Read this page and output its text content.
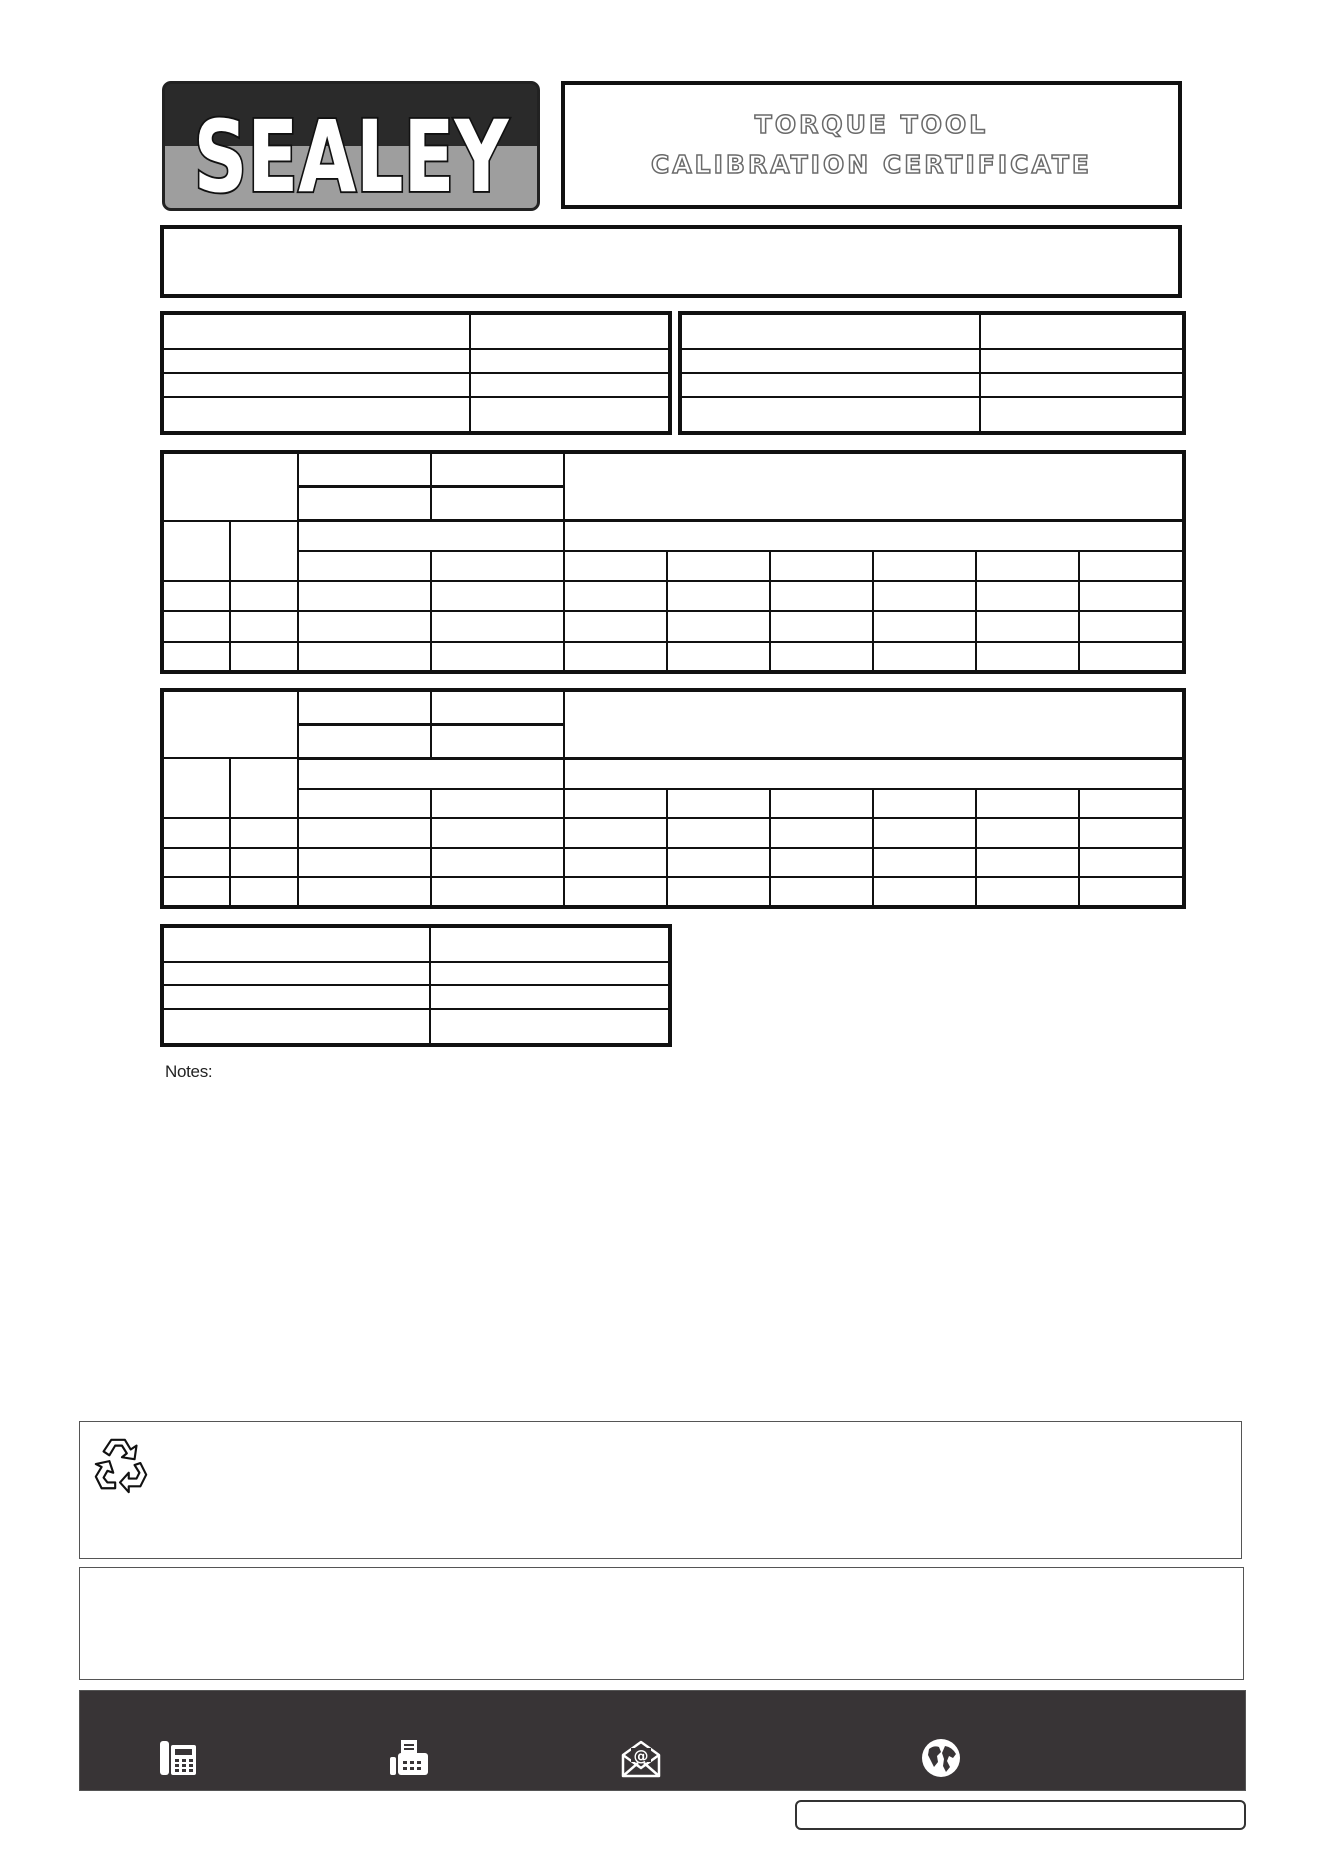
SEALEY	TORQUE TOOL
CALIBRATION CERTIFICATE

Notes:
@
